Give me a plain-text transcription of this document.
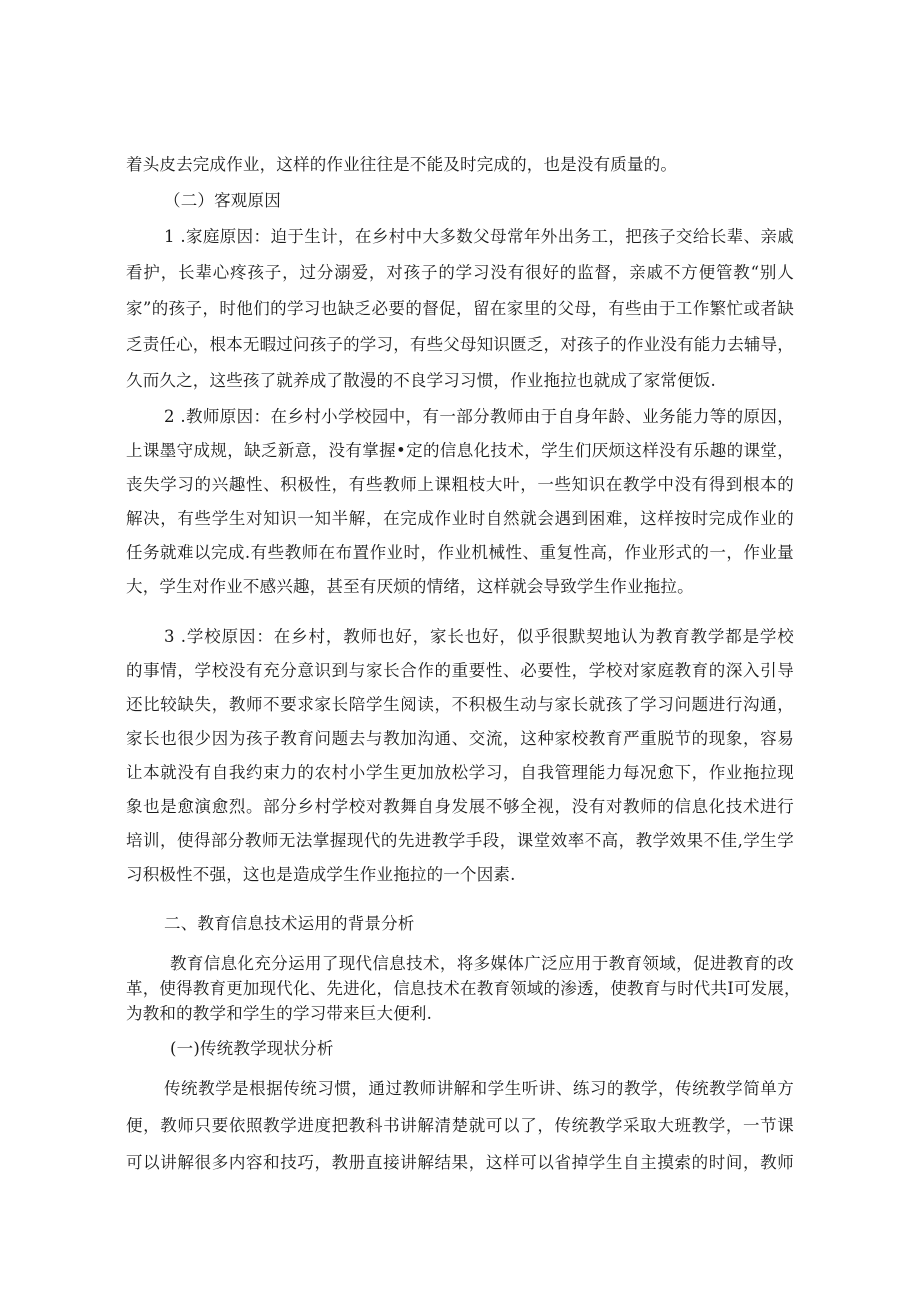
着头皮去完成作业，这样的作业往往是不能及时完成的，也是没有质量的。
（二）客观原因
1 .家庭原因：迫于生计，在乡村中大多数父母常年外出务工，把孩子交给长辈、亲戚
看护，长辈心疼孩子，过分溺爱，对孩子的学习没有很好的监督，亲戚不方便管教“别人
家”的孩子，时他们的学习也缺乏必要的督促，留在家里的父母，有些由于工作繁忙或者缺
乏责任心，根本无暇过问孩子的学习，有些父母知识匮乏，对孩子的作业没有能力去辅导，
久而久之，这些孩了就养成了散漫的不良学习习惯，作业拖拉也就成了家常便饭.
2 .教师原因：在乡村小学校园中，有一部分教师由于自身年龄、业务能力等的原因，
上课墨守成规，缺乏新意，没有掌握•定的信息化技术，学生们厌烦这样没有乐趣的课堂，
丧失学习的兴趣性、积极性，有些教师上课粗枝大叶，一些知识在教学中没有得到根本的
解决，有些学生对知识一知半解，在完成作业时自然就会遇到困难，这样按时完成作业的
任务就难以完成.有些教师在布置作业时，作业机械性、重复性高，作业形式的一，作业量
大，学生对作业不感兴趣，甚至有厌烦的情绪，这样就会导致学生作业拖拉。
3 .学校原因：在乡村，教师也好，家长也好，似乎很默契地认为教育教学都是学校
的事情，学校没有充分意识到与家长合作的重要性、必要性，学校对家庭教育的深入引导
还比较缺失，教师不要求家长陪学生阅读，不积极生动与家长就孩了学习问题进行沟通，
家长也很少因为孩子教育问题去与教加沟通、交流，这种家校教育严重脱节的现象，容易
让本就没有自我约束力的农村小学生更加放松学习，自我管理能力每况愈下，作业拖拉现
象也是愈演愈烈。部分乡村学校对教舞自身发展不够全视，没有对教师的信息化技术进行
培训，使得部分教师无法掌握现代的先进教学手段，课堂效率不高，教学效果不佳,学生学
习积极性不强，这也是造成学生作业拖拉的一个因素.
二、教育信息技术运用的背景分析
教育信息化充分运用了现代信息技术，将多媒体广泛应用于教育领域，促进教育的改
革，使得教育更加现代化、先进化，信息技术在教育领域的渗透，使教育与时代共I可发展，
为教和的教学和学生的学习带来巨大便利.
(一)传统教学现状分析
传统教学是根据传统习惯，通过教师讲解和学生听讲、练习的教学，传统教学简单方
便，教师只要依照教学进度把教科书讲解清楚就可以了，传统教学采取大班教学，一节课
可以讲解很多内容和技巧，教册直接讲解结果，这样可以省掉学生自主摸索的时间，教师
